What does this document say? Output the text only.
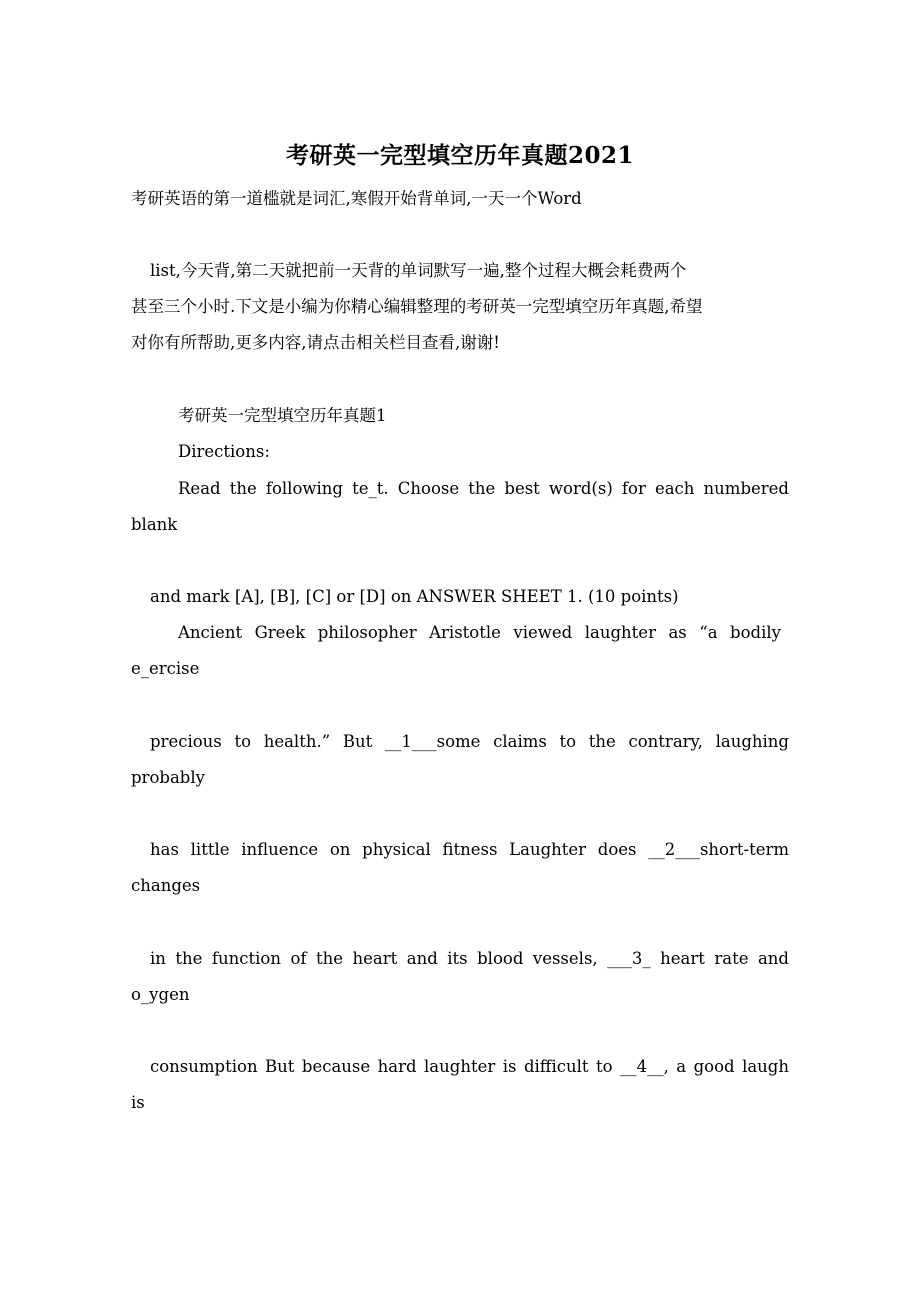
考研英一完型填空历年真题2021
考研英语的第一道槛就是词汇,寒假开始背单词,一天一个Word
list,今天背,第二天就把前一天背的单词默写一遍,整个过程大概会耗费两个
甚至三个小时.下文是小编为你精心编辑整理的考研英一完型填空历年真题,希望
对你有所帮助,更多内容,请点击相关栏目查看,谢谢!
考研英一完型填空历年真题1
Directions:
Read the following te_t. Choose the best word(s) for each numbered
blank
and mark [A], [B], [C] or [D] on ANSWER SHEET 1. (10 points)
Ancient Greek philosopher Aristotle viewed laughter as “a bodily
e_ercise
precious to health.” But __1___some claims to the contrary, laughing
probably
has little influence on physical fitness Laughter does __2___short-term
changes
in the function of the heart and its blood vessels, ___3_ heart rate and
o_ygen
consumption But because hard laughter is difficult to __4__, a good laugh
is
